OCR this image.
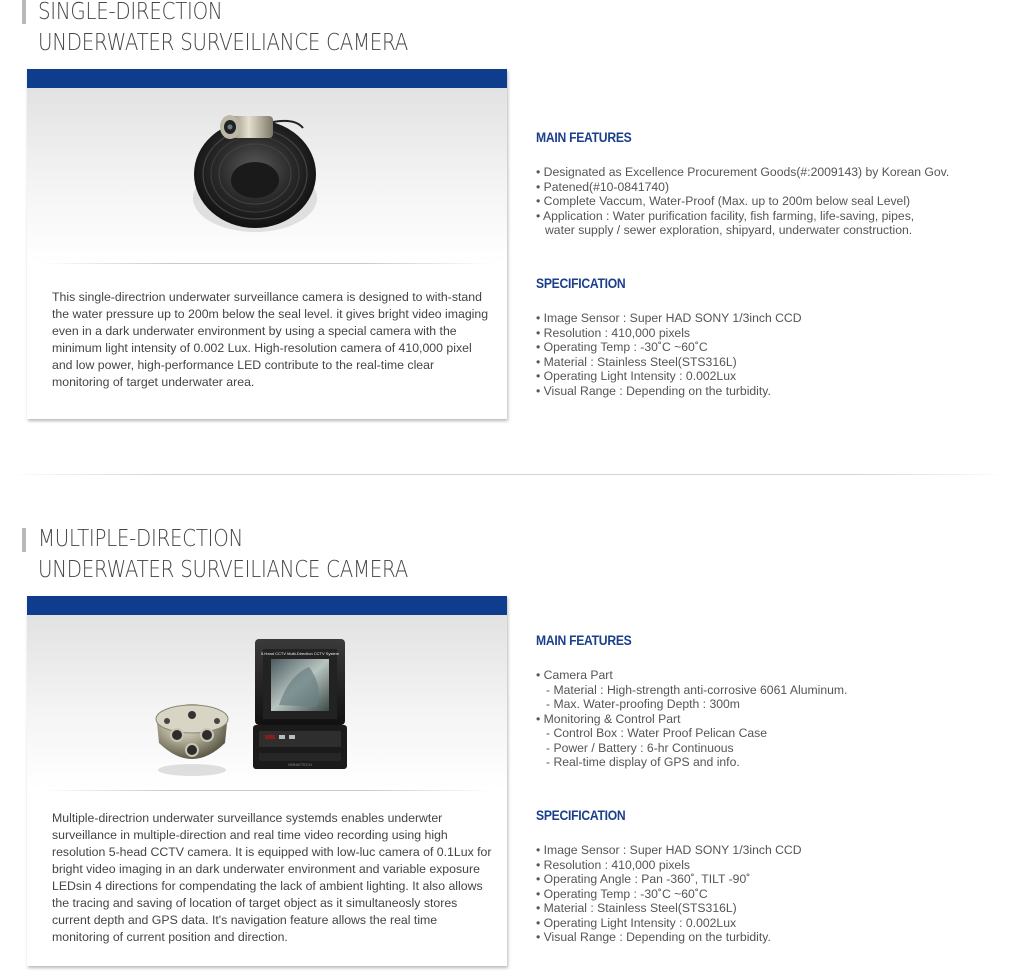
SINGLE-DIRECTION
UNDERWATER SURVEILIANCE CAMERA

This single-directrion underwater surveillance camera is designed to with-stand the water pressure up to 200m below the seal level. it gives bright video imaging even in a dark underwater environment by using a special camera with the minimum light intensity of 0.002 Lux. High-resolution camera of 410,000 pixel and low power, high-performance LED contribute to the real-time clear monitoring of target underwater area.

MAIN FEATURES
• Designated as Excellence Procurement Goods(#:2009143) by Korean Gov.
• Patened(#10-0841740)
• Complete Vaccum, Water-Proof (Max. up to 200m below seal Level)
• Application : Water purification facility, fish farming, life-saving, pipes,
water supply / sewer exploration, shipyard, underwater construction.
SPECIFICATION
• Image Sensor : Super HAD SONY 1/3inch CCD
• Resolution : 410,000 pixels
• Operating Temp : -30˚C ~60˚C
• Material : Stainless Steel(STS316L)
• Operating Light Intensity : 0.002Lux
• Visual Range : Depending on the turbidity.
MULTIPLE-DIRECTION
UNDERWATER SURVEILIANCE CAMERA
5-Head CCTV Multi-Direction CCTV System
MIRAETECH

Multiple-directrion underwater surveillance systemds enables underwter surveillance in multiple-direction and real time video recording using high resolution 5-head CCTV camera. It is equipped with low-luc camera of 0.1Lux for bright video imaging in an dark underwater environment and variable exposure LEDsin 4 directions for compendating the lack of ambient lighting. It also allows the tracing and saving of location of target object as it simultaneosly stores current depth and GPS data. It's navigation feature allows the real time monitoring of current position and direction.

MAIN FEATURES
• Camera Part
- Material : High-strength anti-corrosive 6061 Aluminum.
- Max. Water-proofing Depth : 300m
• Monitoring & Control Part
- Control Box : Water Proof Pelican Case
- Power / Battery : 6-hr Continuous
- Real-time display of GPS and info.
SPECIFICATION
• Image Sensor : Super HAD SONY 1/3inch CCD
• Resolution : 410,000 pixels
• Operating Angle : Pan -360˚, TILT -90˚
• Operating Temp : -30˚C ~60˚C
• Material : Stainless Steel(STS316L)
• Operating Light Intensity : 0.002Lux
• Visual Range : Depending on the turbidity.
